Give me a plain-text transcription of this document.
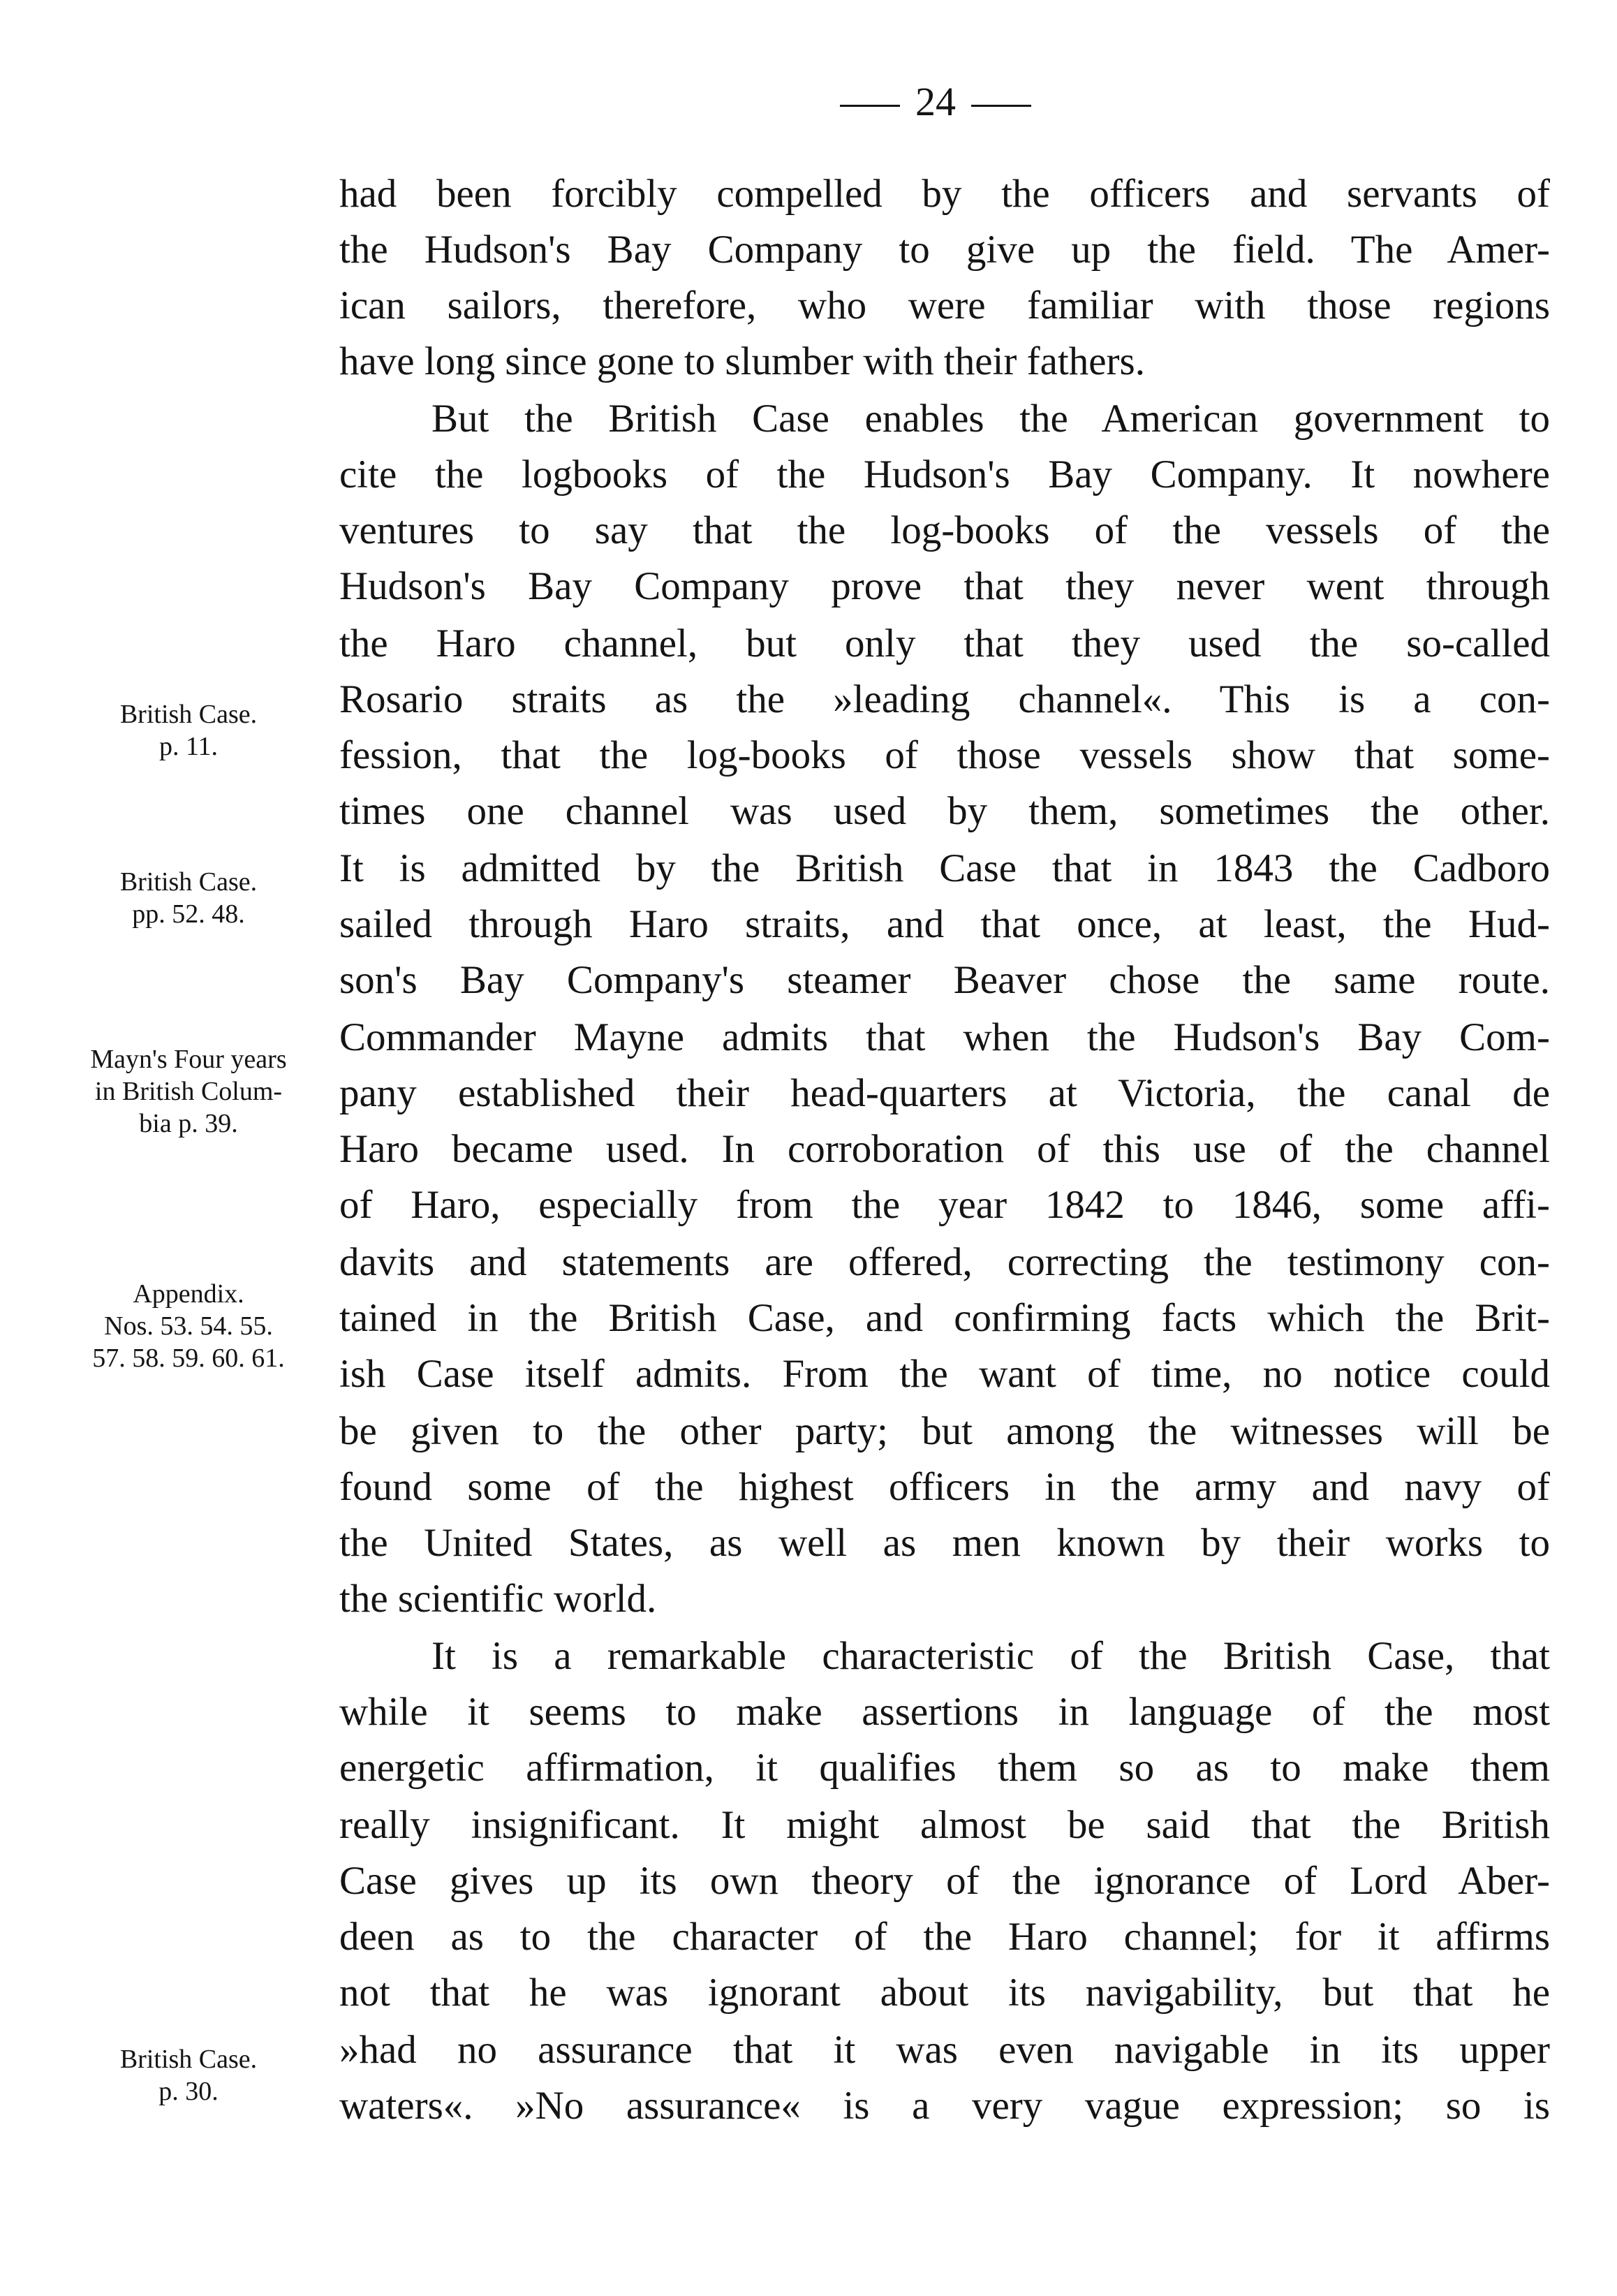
24
had been forcibly compelled by the officers and servants of
the Hudson's Bay Company to give up the field. The Amer-
ican sailors, therefore, who were familiar with those regions
have long since gone to slumber with their fathers.
But the British Case enables the American government to
cite the logbooks of the Hudson's Bay Company. It nowhere
ventures to say that the log-books of the vessels of the
Hudson's Bay Company prove that they never went through
the Haro channel, but only that they used the so-called
Rosario straits as the »leading channel«. This is a con-
fession, that the log-books of those vessels show that some-
times one channel was used by them, sometimes the other.
It is admitted by the British Case that in 1843 the Cadboro
sailed through Haro straits, and that once, at least, the Hud-
son's Bay Company's steamer Beaver chose the same route.
Commander Mayne admits that when the Hudson's Bay Com-
pany established their head-quarters at Victoria, the canal de
Haro became used. In corroboration of this use of the channel
of Haro, especially from the year 1842 to 1846, some affi-
davits and statements are offered, correcting the testimony con-
tained in the British Case, and confirming facts which the Brit-
ish Case itself admits. From the want of time, no notice could
be given to the other party; but among the witnesses will be
found some of the highest officers in the army and navy of
the United States, as well as men known by their works to
the scientific world.
It is a remarkable characteristic of the British Case, that
while it seems to make assertions in language of the most
energetic affirmation, it qualifies them so as to make them
really insignificant. It might almost be said that the British
Case gives up its own theory of the ignorance of Lord Aber-
deen as to the character of the Haro channel; for it affirms
not that he was ignorant about its navigability, but that he
»had no assurance that it was even navigable in its upper
waters«. »No assurance« is a very vague expression; so is
British Case.
p. 11.
British Case.
pp. 52. 48.
Mayn's Four years
in British Colum-
bia p. 39.
Appendix.
Nos. 53. 54. 55.
57. 58. 59. 60. 61.
British Case.
p. 30.
